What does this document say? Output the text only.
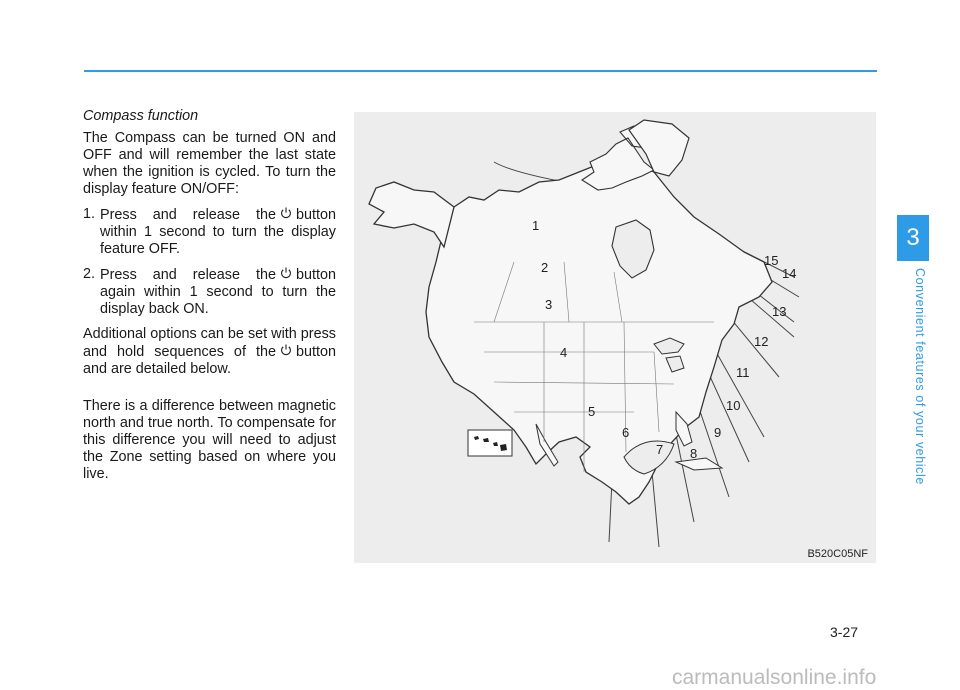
Compass function

The Compass can be turned ON and OFF and will remember the last state when the ignition is cycled. To turn the display feature ON/OFF:

1. Press and release the button within 1 second to turn the display feature OFF.
2. Press and release the button again within 1 second to turn the display back ON.

Additional options can be set with press and hold sequences of the button and are detailed below.

There is a difference between magnetic north and true north. To compensate for this difference you will need to adjust the Zone setting based on where you live.

1
2
3
4
5
6
7 8
9
10
11
12
13
14
15
B520C05NF
3
Convenient features of your vehicle
3-27
carmanualsonline.info
